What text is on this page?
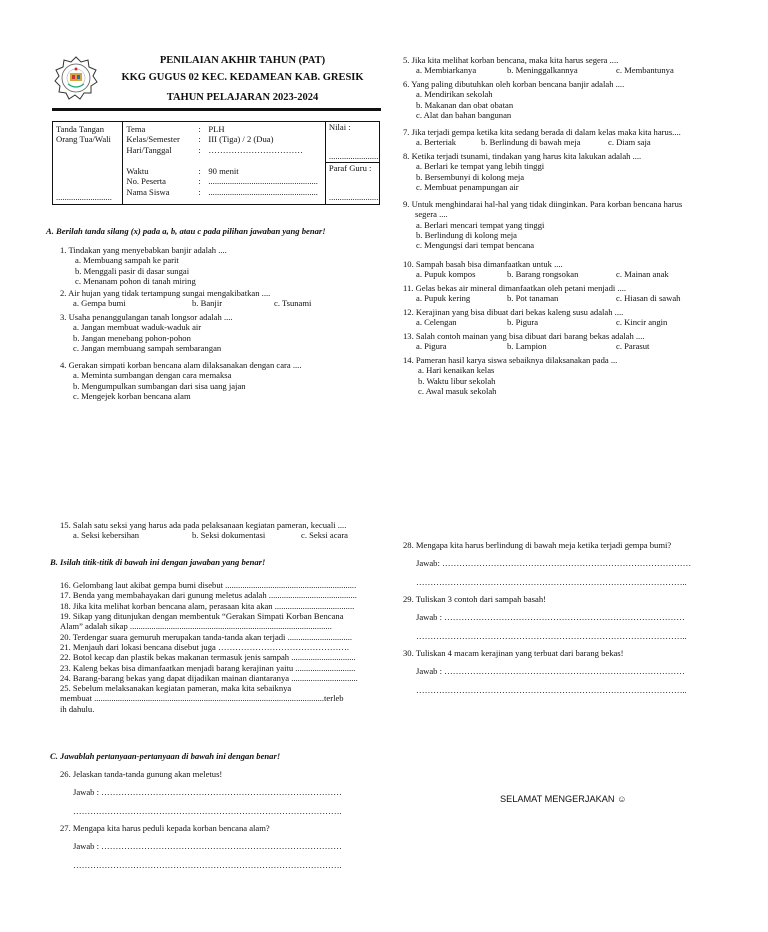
PENILAIAN AKHIR TAHUN (PAT)
KKG GUGUS 02 KEC. KEDAMEAN KAB. GRESIK
TAHUN PELAJARAN 2023-2024
Tanda Tangan
Orang Tua/Wali
..........................

Tema	: PLH
Kelas/Semester	: III (Tiga) / 2 (Dua)
Hari/Tanggal	: ……………………………
Waktu	: 90 menit
No. Peserta	: ...................................................
Nama Siswa	: ...................................................

Nilai :
........................
Paraf Guru :
........................
A. Berilah tanda silang (x) pada a, b, atau c pada pilihan jawaban yang benar!
1. Tindakan yang menyebabkan banjir adalah ....
a. Membuang sampah ke parit
b. Menggali pasir di dasar sungai
c. Menanam pohon di tanah miring
2. Air hujan yang tidak tertampung sungai mengakibatkan ....
a. Gempa bumi	b. Banjir	c. Tsunami
3. Usaha penanggulangan tanah longsor adalah ....
a. Jangan membuat waduk-waduk air
b. Jangan menebang pohon-pohon
c. Jangan membuang sampah sembarangan
4. Gerakan simpati korban bencana alam dilaksanakan dengan cara ....
a. Meminta sumbangan dengan cara memaksa
b. Mengumpulkan sumbangan dari sisa uang jajan
c. Mengejek korban bencana alam
5. Jika kita melihat korban bencana, maka kita harus segera ....
a. Membiarkanya	b. Meninggalkannya	c. Membantunya
6. Yang paling dibutuhkan oleh korban bencana banjir adalah ....
a. Mendirikan sekolah
b. Makanan dan obat obatan
c. Alat dan bahan bangunan
7. Jika terjadi gempa ketika kita sedang berada di dalam kelas maka kita harus....
a. Berteriak	b. Berlindung di bawah meja	c. Diam saja
8. Ketika terjadi tsunami, tindakan yang harus kita lakukan adalah ....
a. Berlari ke tempat yang lebih tinggi
b. Bersembunyi di kolong meja
c. Membuat penampungan air
9. Untuk menghindarai hal-hal yang tidak diinginkan. Para korban bencana harus
segera ....
a. Berlari mencari tempat yang tinggi
b. Berlindung di kolong meja
c. Mengungsi dari tempat bencana
10. Sampah basah bisa dimanfaatkan untuk ....
a. Pupuk kompos	b. Barang rongsokan	c. Mainan anak
11. Gelas bekas air mineral dimanfaatkan oleh petani menjadi ....
a. Pupuk kering	b. Pot tanaman	c. Hiasan di sawah
12. Kerajinan yang bisa dibuat dari bekas kaleng susu adalah ....
a. Celengan	b. Pigura	c. Kincir angin
13. Salah contoh mainan yang bisa dibuat dari barang bekas adalah ....
a. Pigura	b. Lampion	c. Parasut
14. Pameran hasil karya siswa sebaiknya dilaksanakan pada ...
a. Hari kenaikan kelas
b. Waktu libur sekolah
c. Awal masuk sekolah
15. Salah satu seksi yang harus ada pada pelaksanaan kegiatan pameran, kecuali ....
a. Seksi kebersihan	b. Seksi dokumentasi	c. Seksi acara
B. Isilah titik-titik di bawah ini dengan jawaban yang benar!
16. Gelombang laut akibat gempa bumi disebut .............................................................
17. Benda yang membahayakan dari gunung meletus adalah .........................................
18. Jika kita melihat korban bencana alam, perasaan kita akan .....................................
19. Sikap yang ditunjukan dengan membentuk “Gerakan Simpati Korban Bencana
Alam” adalah sikap ..............................................................................................
20. Terdengar suara gemuruh merupakan tanda-tanda akan terjadi ..............................
21. Menjauh dari lokasi bencana disebut juga ……………………………………….
22. Botol kecap dan plastik bekas makanan termasuk jenis sampah ..............................
23. Kaleng bekas bisa dimanfaatkan menjadi barang kerajinan yaitu ............................
24. Barang-barang bekas yang dapat dijadikan mainan diantaranya ...............................
25. Sebelum melaksanakan kegiatan pameran, maka kita sebaiknya
membuat ...........................................................................................................terleb
ih dahulu.
C. Jawablah pertanyaan-pertanyaan di bawah ini dengan benar!
26. Jelaskan tanda-tanda gunung akan meletus!
Jawab : …………………………………………………………………………
………………………………………………………………………………….
27. Mengapa kita harus peduli kepada korban bencana alam?
Jawab : …………………………………………………………………………
………………………………………………………………………………….
28. Mengapa kita harus berlindung di bawah meja ketika terjadi gempa bumi?
Jawab: ……………………………………………………………………………
…………………………………………………………………………………..
29. Tuliskan 3 contoh dari sampah basah!
Jawab : …………………………………………………………………………
…………………………………………………………………………………..
30. Tuliskan 4 macam kerajinan yang terbuat dari barang bekas!
Jawab : …………………………………………………………………………
…………………………………………………………………………………..
SELAMAT MENGERJAKAN ☺
